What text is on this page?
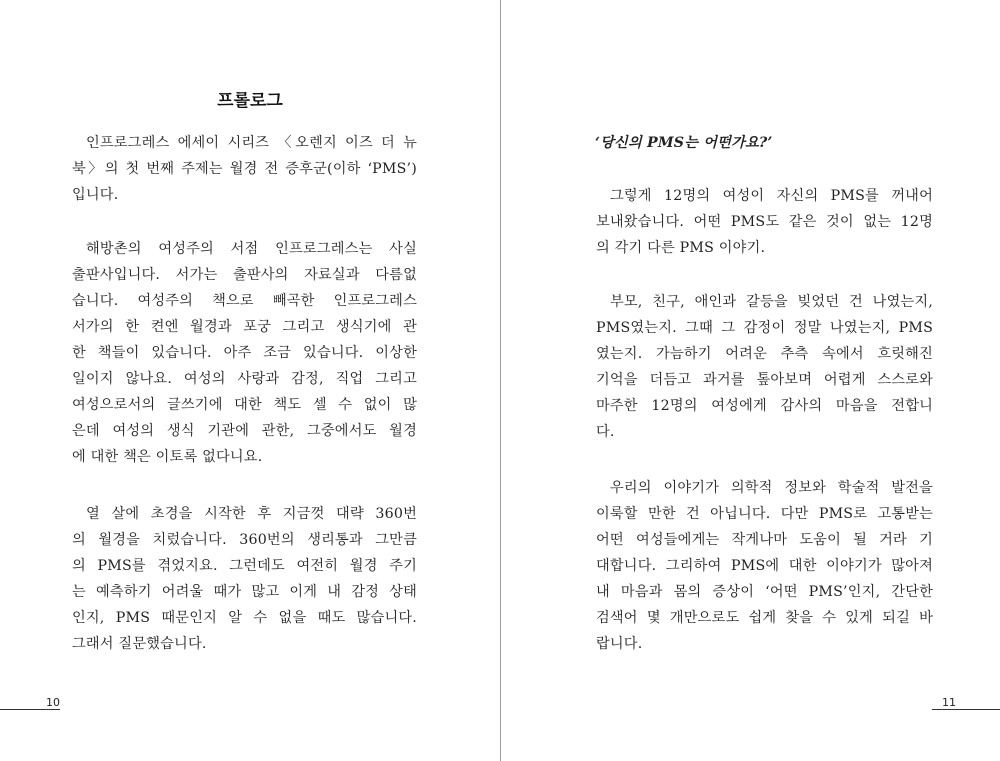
프롤로그
인프로그레스 에세이 시리즈 〈오렌지 이즈 더 뉴
북〉의 첫 번째 주제는 월경 전 증후군(이하 ‘PMS’)
입니다.
해방촌의 여성주의 서점 인프로그레스는 사실
출판사입니다. 서가는 출판사의 자료실과 다름없
습니다. 여성주의 책으로 빼곡한 인프로그레스
서가의 한 켠엔 월경과 포궁 그리고 생식기에 관
한 책들이 있습니다. 아주 조금 있습니다. 이상한
일이지 않나요. 여성의 사랑과 감정, 직업 그리고
여성으로서의 글쓰기에 대한 책도 셀 수 없이 많
은데 여성의 생식 기관에 관한, 그중에서도 월경
에 대한 책은 이토록 없다니요.
열 살에 초경을 시작한 후 지금껏 대략 360번
의 월경을 치렀습니다. 360번의 생리통과 그만큼
의 PMS를 겪었지요. 그런데도 여전히 월경 주기
는 예측하기 어려울 때가 많고 이게 내 감정 상태
인지, PMS 때문인지 알 수 없을 때도 많습니다.
그래서 질문했습니다.
10
‘당신의 PMS는 어떤가요?’
그렇게 12명의 여성이 자신의 PMS를 꺼내어
보내왔습니다. 어떤 PMS도 같은 것이 없는 12명
의 각기 다른 PMS 이야기.
부모, 친구, 애인과 갈등을 빚었던 건 나였는지,
PMS였는지. 그때 그 감정이 정말 나였는지, PMS
였는지. 가늠하기 어려운 추측 속에서 흐릿해진
기억을 더듬고 과거를 톺아보며 어렵게 스스로와
마주한 12명의 여성에게 감사의 마음을 전합니
다.
우리의 이야기가 의학적 정보와 학술적 발전을
이룩할 만한 건 아닙니다. 다만 PMS로 고통받는
어떤 여성들에게는 작게나마 도움이 될 거라 기
대합니다. 그리하여 PMS에 대한 이야기가 많아져
내 마음과 몸의 증상이 ‘어떤 PMS’인지, 간단한
검색어 몇 개만으로도 쉽게 찾을 수 있게 되길 바
랍니다.
11
